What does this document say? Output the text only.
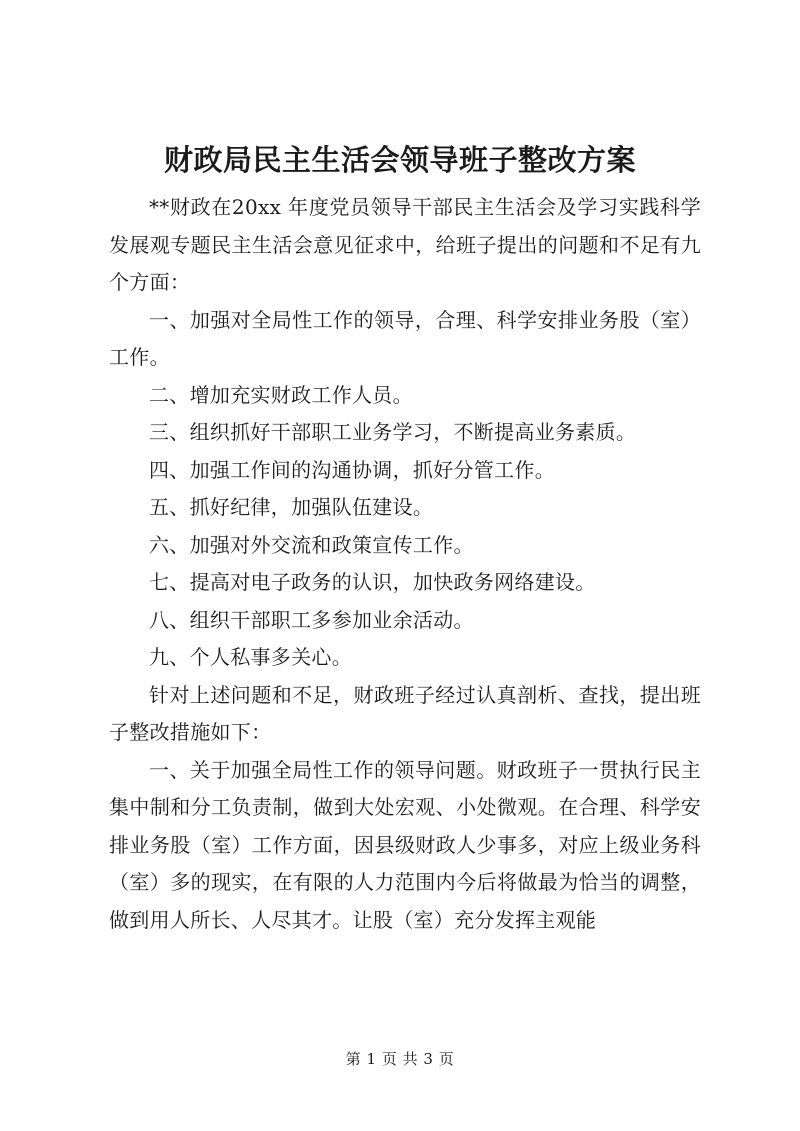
财政局民主生活会领导班子整改方案

**财政在20xx 年度党员领导干部民主生活会及学习实践科学发展观专题民主生活会意见征求中，给班子提出的问题和不足有九个方面：

一、加强对全局性工作的领导，合理、科学安排业务股（室）工作。

二、增加充实财政工作人员。

三、组织抓好干部职工业务学习，不断提高业务素质。

四、加强工作间的沟通协调，抓好分管工作。

五、抓好纪律，加强队伍建设。

六、加强对外交流和政策宣传工作。

七、提高对电子政务的认识，加快政务网络建设。

八、组织干部职工多参加业余活动。

九、个人私事多关心。

针对上述问题和不足，财政班子经过认真剖析、查找，提出班子整改措施如下：

一、关于加强全局性工作的领导问题。财政班子一贯执行民主集中制和分工负责制，做到大处宏观、小处微观。在合理、科学安排业务股（室）工作方面，因县级财政人少事多，对应上级业务科（室）多的现实，在有限的人力范围内今后将做最为恰当的调整，做到用人所长、人尽其才。让股（室）充分发挥主观能

第 1 页 共 3 页
